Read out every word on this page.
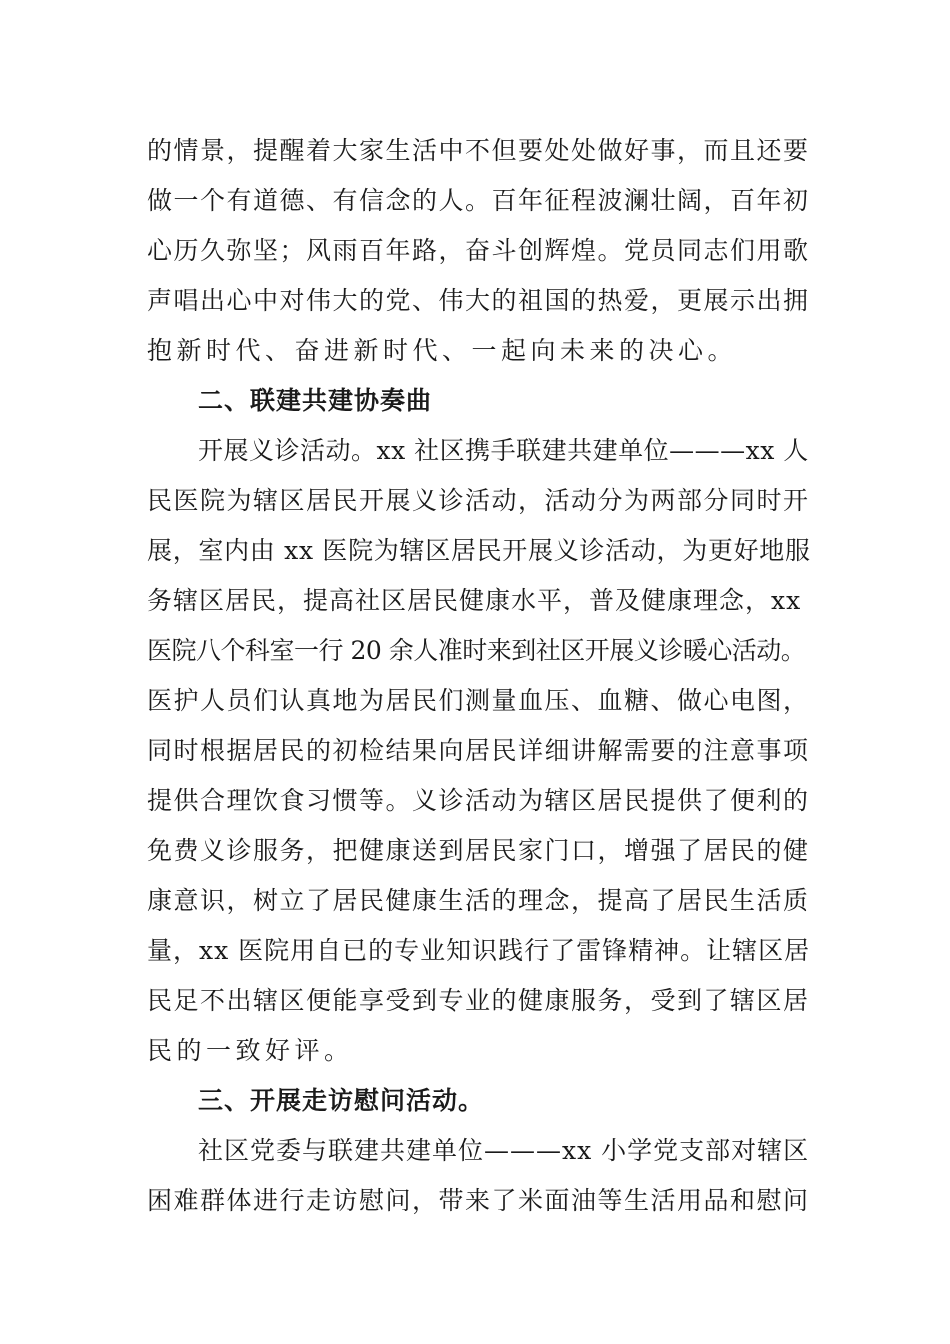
的情景，提醒着大家生活中不但要处处做好事，而且还要
做一个有道德、有信念的人。百年征程波澜壮阔，百年初
心历久弥坚；风雨百年路，奋斗创辉煌。党员同志们用歌
声唱出心中对伟大的党、伟大的祖国的热爱，更展示出拥
抱新时代、奋进新时代、一起向未来的决心。
二、联建共建协奏曲
开展义诊活动。xx 社区携手联建共建单位———xx 人
民医院为辖区居民开展义诊活动，活动分为两部分同时开
展，室内由 xx 医院为辖区居民开展义诊活动，为更好地服
务辖区居民，提高社区居民健康水平，普及健康理念，xx
医院八个科室一行 20 余人准时来到社区开展义诊暖心活动。
医护人员们认真地为居民们测量血压、血糖、做心电图，
同时根据居民的初检结果向居民详细讲解需要的注意事项
提供合理饮食习惯等。义诊活动为辖区居民提供了便利的
免费义诊服务，把健康送到居民家门口，增强了居民的健
康意识，树立了居民健康生活的理念，提高了居民生活质
量，xx 医院用自已的专业知识践行了雷锋精神。让辖区居
民足不出辖区便能享受到专业的健康服务，受到了辖区居
民的一致好评。
三、开展走访慰问活动。
社区党委与联建共建单位———xx 小学党支部对辖区
困难群体进行走访慰问，带来了米面油等生活用品和慰问
